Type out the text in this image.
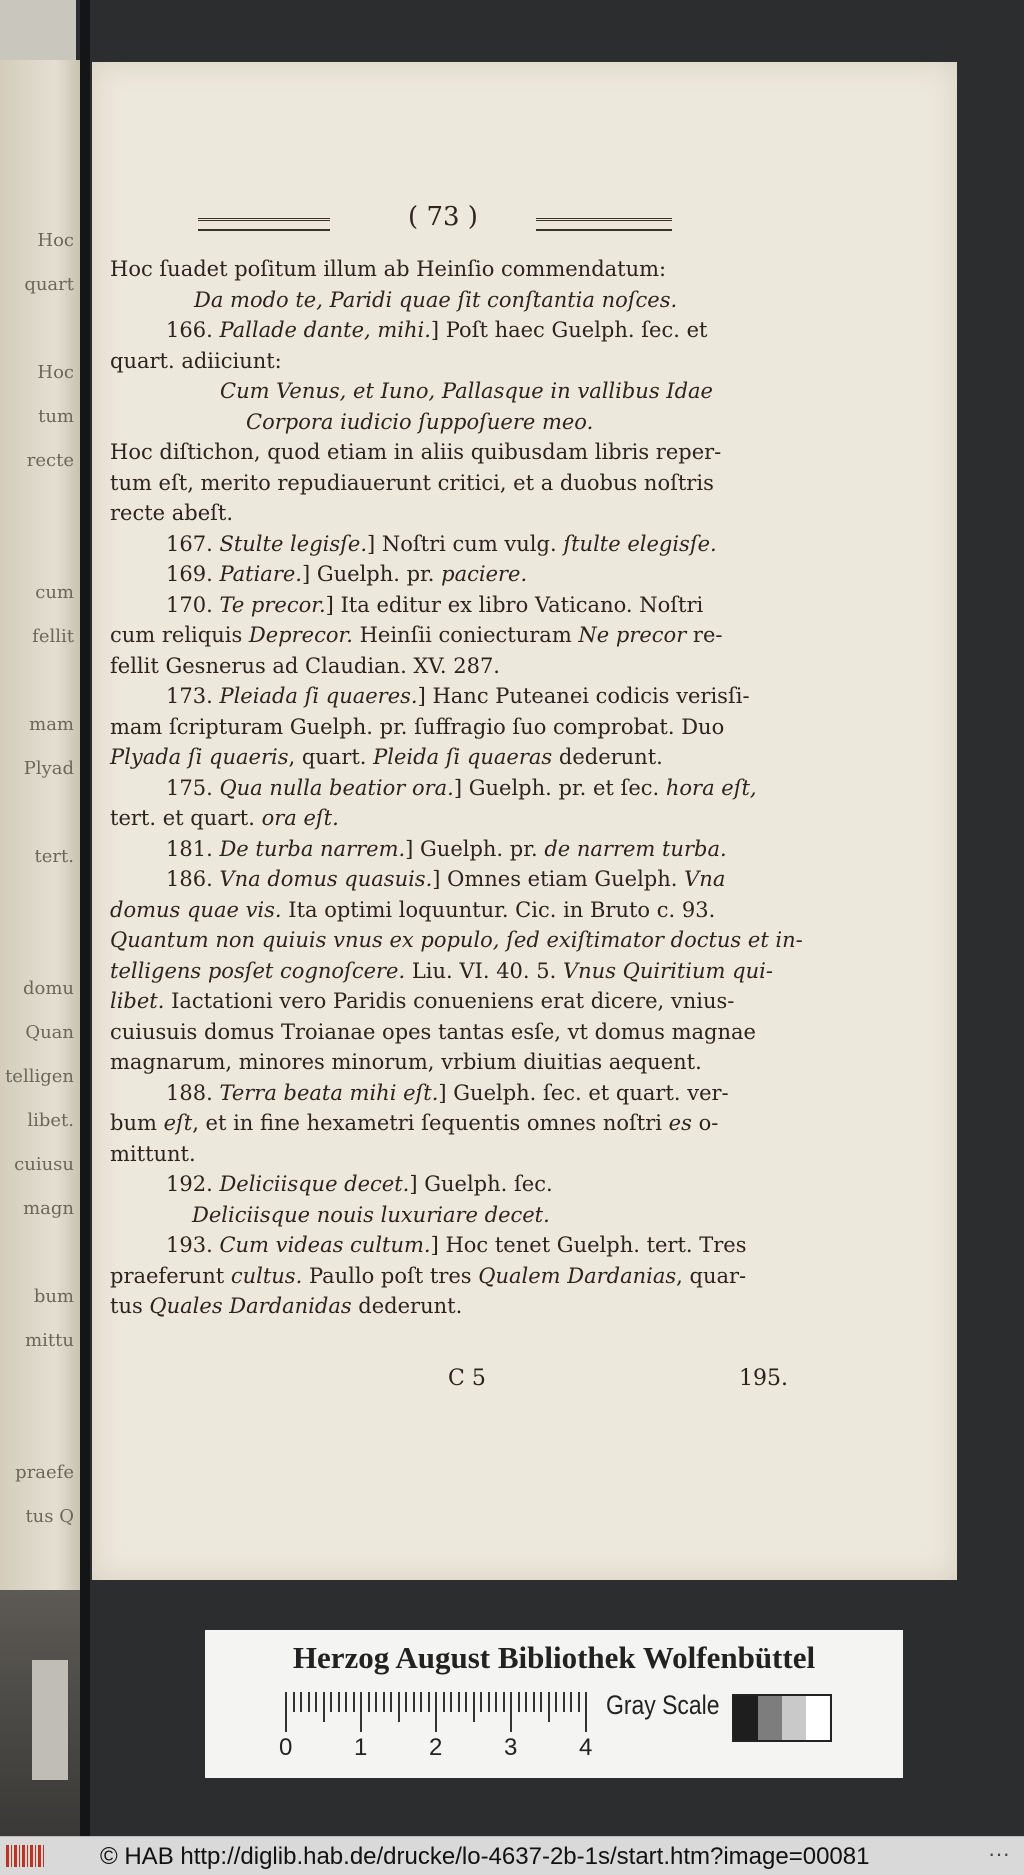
Hoc
quart
Hoc
tum
recte
cum
fellit
mam
Plyad
tert.
domu
Quan
telligen
libet.
cuiusu
magn
bum
mittu
praefe
tus Q
( 73 )
Hoc ſuadet poſitum illum ab Heinſio commendatum:
Da modo te, Paridi quae ſit conſtantia noſces.
166. Pallade dante, mihi.] Poſt haec Guelph. ſec. et
quart. adiiciunt:
Cum Venus, et Iuno, Pallasque in vallibus Idae
Corpora iudicio ſuppoſuere meo.
Hoc diſtichon, quod etiam in aliis quibusdam libris reper-
tum eſt, merito repudiauerunt critici, et a duobus noſtris
recte abeſt.
167. Stulte legisſe.] Noſtri cum vulg. ſtulte elegisſe.
169. Patiare.] Guelph. pr. paciere.
170. Te precor.] Ita editur ex libro Vaticano. Noſtri
cum reliquis Deprecor. Heinſii coniecturam Ne precor re-
fellit Gesnerus ad Claudian. XV. 287.
173. Pleiada ſi quaeres.] Hanc Puteanei codicis verisſi-
mam ſcripturam Guelph. pr. ſuffragio ſuo comprobat. Duo
Plyada ſi quaeris, quart. Pleida ſi quaeras dederunt.
175. Qua nulla beatior ora.] Guelph. pr. et ſec. hora eſt,
tert. et quart. ora eſt.
181. De turba narrem.] Guelph. pr. de narrem turba.
186. Vna domus quasuis.] Omnes etiam Guelph. Vna
domus quae vis. Ita optimi loquuntur. Cic. in Bruto c. 93.
Quantum non quiuis vnus ex populo, ſed exiſtimator doctus et in-
telligens posſet cognoſcere. Liu. VI. 40. 5. Vnus Quiritium qui-
libet. Iactationi vero Paridis conueniens erat dicere, vnius-
cuiusuis domus Troianae opes tantas esſe, vt domus magnae
magnarum, minores minorum, vrbium diuitias aequent.
188. Terra beata mihi eſt.] Guelph. ſec. et quart. ver-
bum eſt, et in fine hexametri ſequentis omnes noſtri es o-
mittunt.
192. Deliciisque decet.] Guelph. ſec.
Deliciisque nouis luxuriare decet.
193. Cum videas cultum.] Hoc tenet Guelph. tert. Tres
praeferunt cultus. Paullo poſt tres Qualem Dardanias, quar-
tus Quales Dardanidas dederunt.
C 5	195.
Herzog August Bibliothek Wolfenbüttel
Gray Scale
0	1	2	3	4
© HAB http://diglib.hab.de/drucke/lo-4637-2b-1s/start.htm?image=00081	···
